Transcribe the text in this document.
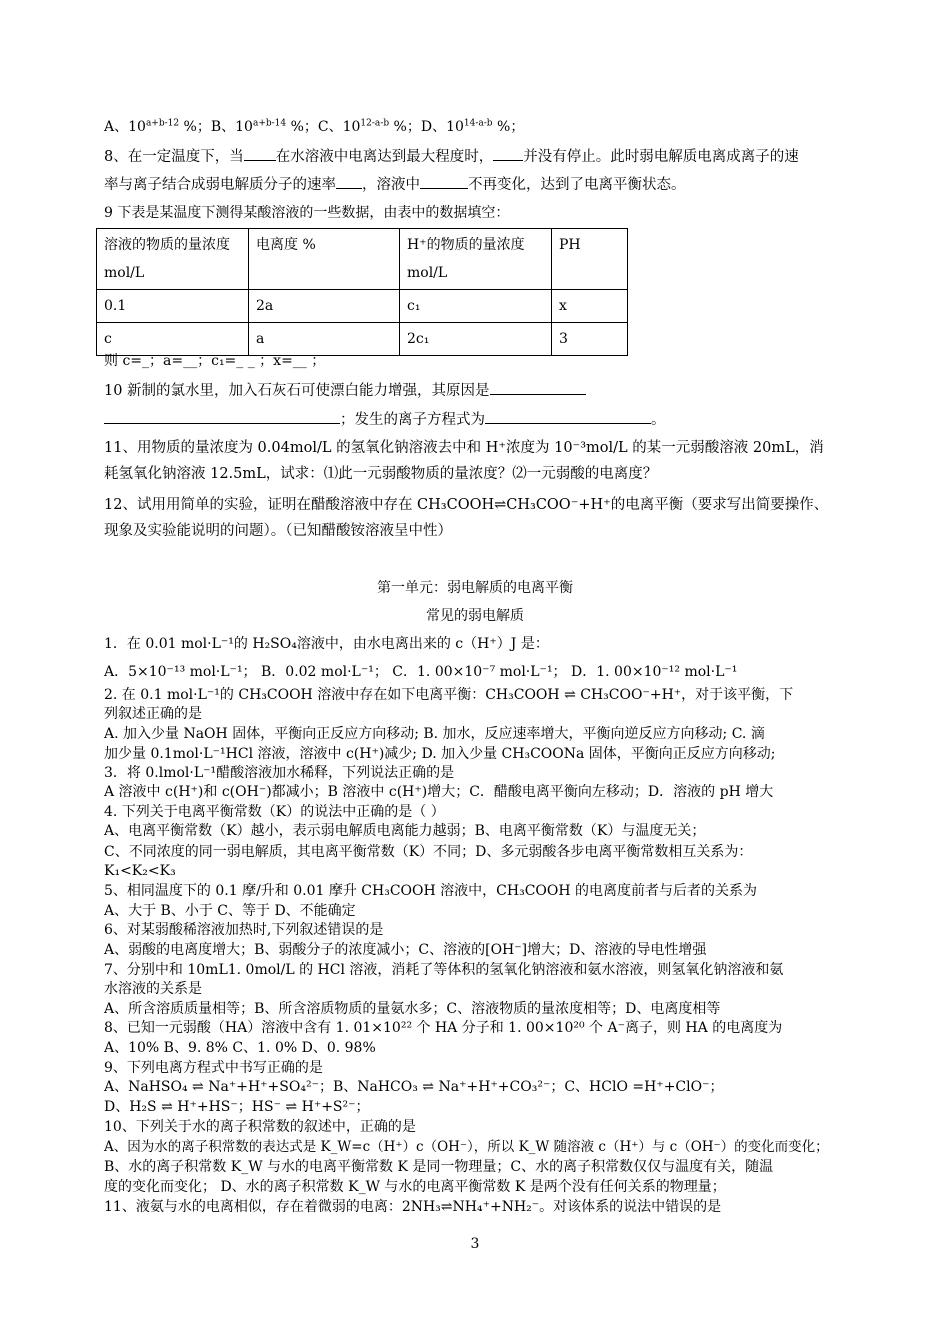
A、$10^{a+b-12}$ %；B、$10^{a+b-14}$ %；C、10$^{12-a-b}$ %；D、10$^{14-a-b}$ %；
8、在一定温度下，当 在水溶液中电离达到最大程度时， 并没有停止。此时弱电解质电离成离子的速
率与离子结合成弱电解质分子的速率 ，溶液中	不再变化，达到了电离平衡状态。
9 下表是某温度下测得某酸溶液的一些数据，由表中的数据填空：
溶液的物质的量浓度 mol/L	电离度 %	H⁺的物质的量浓度 mol/L	PH
0.1	2a	c₁	x
c	a	2c₁	3
则 c=_；a=__；c₁=_ _ ；x=__ ；
10 新制的氯水里，加入石灰石可使漂白能力增强，其原因是
；发生的离子方程式为	。
11、用物质的量浓度为 0.04mol/L 的氢氧化钠溶液去中和 H⁺浓度为 10⁻³mol/L 的某一元弱酸溶液 20mL，消
耗氢氧化钠溶液 12.5mL，试求：⑴此一元弱酸物质的量浓度？⑵一元弱酸的电离度？
12、试用用简单的实验，证明在醋酸溶液中存在 CH₃COOH⇌CH₃COO⁻+H⁺的电离平衡（要求写出简要操作、
现象及实验能说明的问题）。（已知醋酸铵溶液呈中性）
第一单元：弱电解质的电离平衡
常见的弱电解质
1．在 0.01 mol·L⁻¹的 H₂SO₄溶液中，由水电离出来的 c（H⁺）J 是：
A．5×10⁻¹³ mol·L⁻¹； B．0.02 mol·L⁻¹； C．1. 00×10⁻⁷ mol·L⁻¹； D．1. 00×10⁻¹² mol·L⁻¹
2. 在 0.1 mol·L⁻¹的 CH₃COOH 溶液中存在如下电离平衡：CH₃COOH ⇌ CH₃COO⁻+H⁺，对于该平衡，下
列叙述正确的是
A. 加入少量 NaOH 固体，平衡向正反应方向移动; B. 加水，反应速率增大，平衡向逆反应方向移动; C. 滴
加少量 0.1mol·L⁻¹HCl 溶液，溶液中 c(H⁺)减少; D. 加入少量 CH₃COONa 固体，平衡向正反应方向移动;
3．将 0.lmol·L⁻¹醋酸溶液加水稀释，下列说法正确的是
A 溶液中 c(H⁺)和 c(OH⁻)都减小；B 溶液中 c(H⁺)增大；C．醋酸电离平衡向左移动；D．溶液的 pH 增大
4. 下列关于电离平衡常数（K）的说法中正确的是（ ）
A、电离平衡常数（K）越小，表示弱电解质电离能力越弱；B、电离平衡常数（K）与温度无关；
C、不同浓度的同一弱电解质，其电离平衡常数（K）不同；D、多元弱酸各步电离平衡常数相互关系为：
K₁<K₂<K₃
5、相同温度下的 0.1 摩/升和 0.01 摩升 CH₃COOH 溶液中，CH₃COOH 的电离度前者与后者的关系为
A、大于 B、小于 C、等于 D、不能确定
6、对某弱酸稀溶液加热时,下列叙述错误的是
A、弱酸的电离度增大；B、弱酸分子的浓度减小；C、溶液的[OH⁻]增大；D、溶液的导电性增强
7、分别中和 10mL1. 0mol/L 的 HCl 溶液，消耗了等体积的氢氧化钠溶液和氨水溶液，则氢氧化钠溶液和氨
水溶液的关系是
A、所含溶质质量相等；B、所含溶质物质的量氨水多；C、溶液物质的量浓度相等；D、电离度相等
8、已知一元弱酸（HA）溶液中含有 1. 01×10²² 个 HA 分子和 1. 00×10²⁰ 个 A⁻离子，则 HA 的电离度为
A、10% B、9. 8% C、1. 0% D、0. 98%
9、下列电离方程式中书写正确的是
A、NaHSO₄ ⇌ Na⁺+H⁺+SO₄²⁻；B、NaHCO₃ ⇌ Na⁺+H⁺+CO₃²⁻；C、HClO =H⁺+ClO⁻；
D、H₂S ⇌ H⁺+HS⁻；HS⁻ ⇌ H⁺+S²⁻；
10、下列关于水的离子积常数的叙述中，正确的是
A、因为水的离子积常数的表达式是 K_W=c（H⁺）c（OH⁻），所以 K_W 随溶液 c（H⁺）与 c（OH⁻）的变化而变化；
B、水的离子积常数 K_W 与水的电离平衡常数 K 是同一物理量；C、水的离子积常数仅仅与温度有关，随温
度的变化而变化； D、水的离子积常数 K_W 与水的电离平衡常数 K 是两个没有任何关系的物理量；
11、液氨与水的电离相似，存在着微弱的电离：2NH₃⇌NH₄⁺+NH₂⁻。对该体系的说法中错误的是
3
